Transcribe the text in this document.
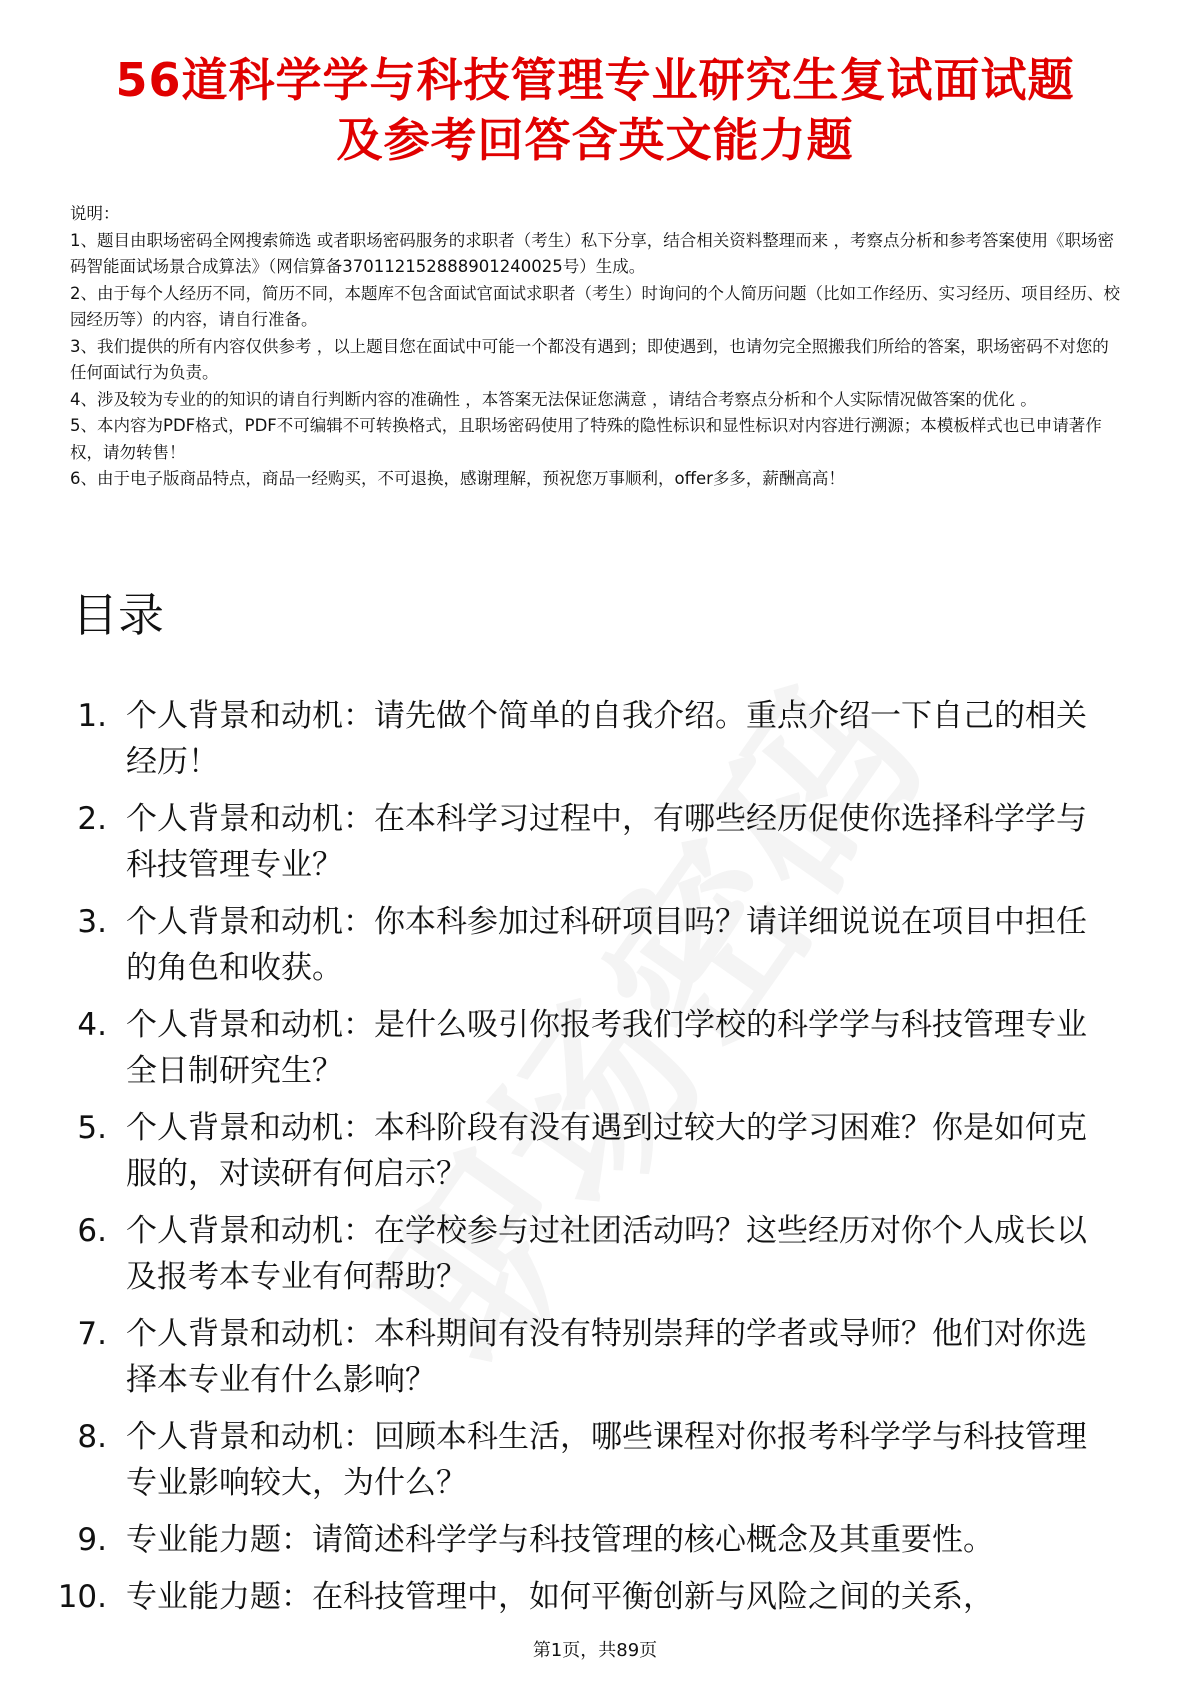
56道科学学与科技管理专业研究生复试面试题
及参考回答含英文能力题

说明：

1、题目由职场密码全网搜索筛选 或者职场密码服务的求职者（考生）私下分享，结合相关资料整理而来 ，考察点分析和参考答案使用《职场密码智能面试场景合成算法》（网信算备370112152888901240025号）生成。

2、由于每个人经历不同，简历不同，本题库不包含面试官面试求职者（考生）时询问的个人简历问题（比如工作经历、实习经历、项目经历、校园经历等）的内容，请自行准备。

3、我们提供的所有内容仅供参考 ，以上题目您在面试中可能一个都没有遇到；即使遇到，也请勿完全照搬我们所给的答案，职场密码不对您的任何面试行为负责。

4、涉及较为专业的的知识的请自行判断内容的准确性 ，本答案无法保证您满意 ，请结合考察点分析和个人实际情况做答案的优化 。

5、本内容为PDF格式，PDF不可编辑不可转换格式，且职场密码使用了特殊的隐性标识和显性标识对内容进行溯源；本模板样式也已申请著作权，请勿转售！

6、由于电子版商品特点，商品一经购买，不可退换，感谢理解，预祝您万事顺利，offer多多，薪酬高高！

目录
1. 个人背景和动机：请先做个简单的自我介绍。重点介绍一下自己的相关经历！
2. 个人背景和动机：在本科学习过程中，有哪些经历促使你选择科学学与科技管理专业？
3. 个人背景和动机：你本科参加过科研项目吗？请详细说说在项目中担任的角色和收获。
4. 个人背景和动机：是什么吸引你报考我们学校的科学学与科技管理专业全日制研究生？
5. 个人背景和动机：本科阶段有没有遇到过较大的学习困难？你是如何克服的，对读研有何启示？
6. 个人背景和动机：在学校参与过社团活动吗？这些经历对你个人成长以及报考本专业有何帮助？
7. 个人背景和动机：本科期间有没有特别崇拜的学者或导师？他们对你选择本专业有什么影响？
8. 个人背景和动机：回顾本科生活，哪些课程对你报考科学学与科技管理专业影响较大，为什么？
9. 专业能力题：请简述科学学与科技管理的核心概念及其重要性。
10. 专业能力题：在科技管理中，如何平衡创新与风险之间的关系，
第1页，共89页
